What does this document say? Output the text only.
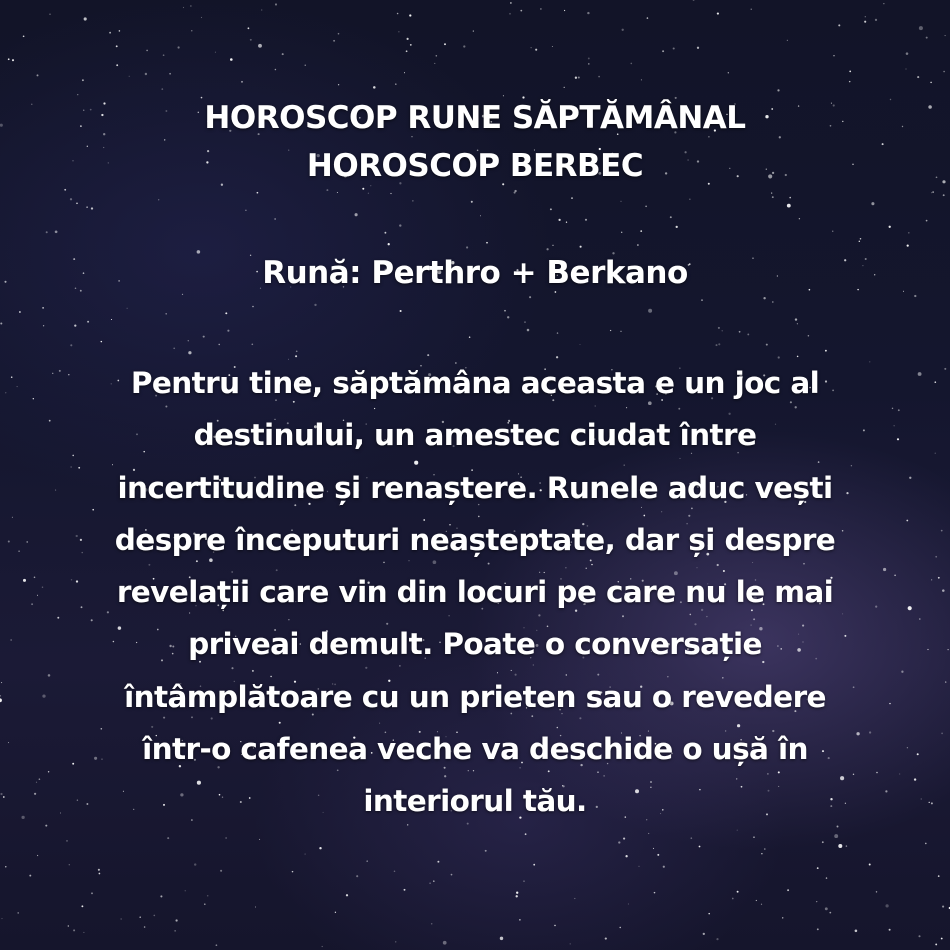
HOROSCOP RUNE SĂPTĂMÂNAL
HOROSCOP BERBEC
Rună: Perthro + Berkano
Pentru tine, săptămâna aceasta e un joc al
destinului, un amestec ciudat între
incertitudine și renaștere. Runele aduc vești
despre începuturi neașteptate, dar și despre
revelații care vin din locuri pe care nu le mai
priveai demult. Poate o conversație
întâmplătoare cu un prieten sau o revedere
într-o cafenea veche va deschide o ușă în
interiorul tău.
